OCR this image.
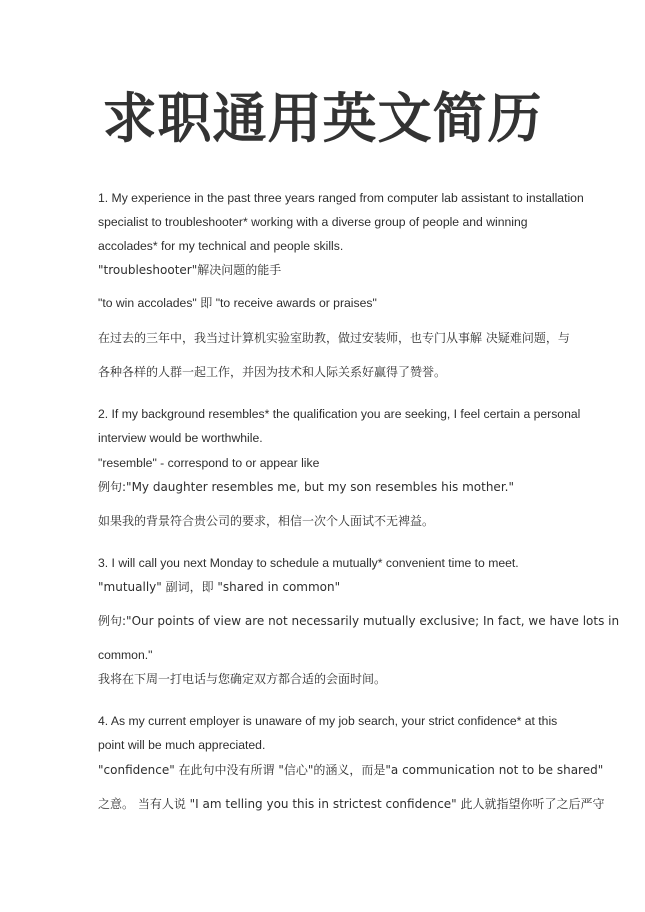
求职通用英文简历
1. My experience in the past three years ranged from computer lab assistant to installation
specialist to troubleshooter* working with a diverse group of people and winning
accolades* for my technical and people skills.
"troubleshooter"解决问题的能手
"to win accolades" 即 "to receive awards or praises"
在过去的三年中，我当过计算机实验室助教，做过安装师，也专门从事解 决疑难问题，与
各种各样的人群一起工作，并因为技术和人际关系好赢得了赞誉。
2. If my background resembles* the qualification you are seeking, I feel certain a personal
interview would be worthwhile.
"resemble" - correspond to or appear like
例句:"My daughter resembles me, but my son resembles his mother."
如果我的背景符合贵公司的要求，相信一次个人面试不无裨益。
3. I will call you next Monday to schedule a mutually* convenient time to meet.
"mutually" 副词，即 "shared in common"
例句:"Our points of view are not necessarily mutually exclusive; In fact, we have lots in
common."
我将在下周一打电话与您确定双方都合适的会面时间。
4. As my current employer is unaware of my job search, your strict confidence* at this
point will be much appreciated.
"confidence" 在此句中没有所谓 "信心"的涵义，而是"a communication not to be shared"
之意。 当有人说 "I am telling you this in strictest confidence" 此人就指望你听了之后严守
